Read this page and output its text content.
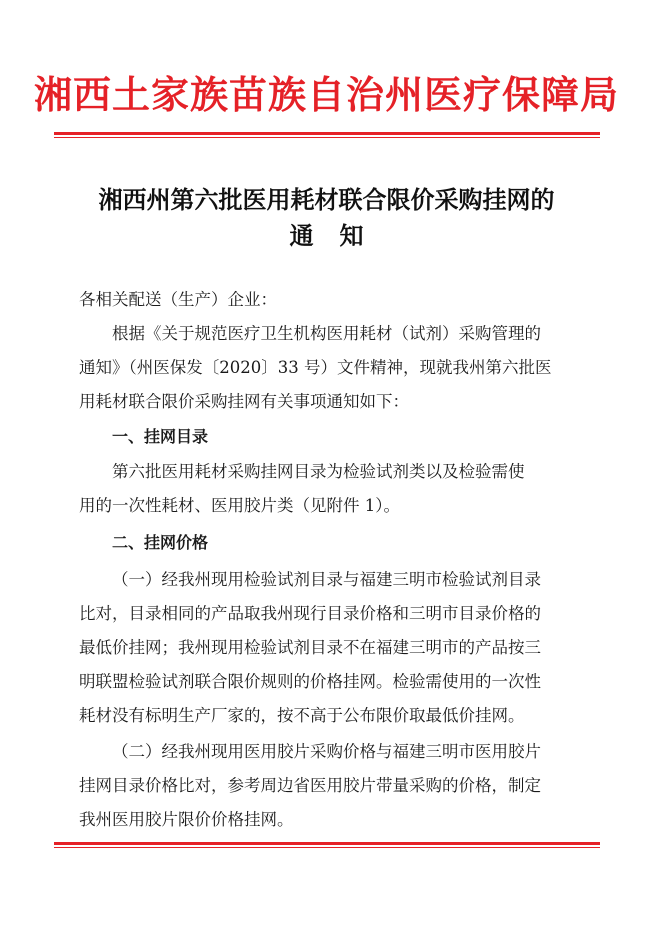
湘西土家族苗族自治州医疗保障局
湘西州第六批医用耗材联合限价采购挂网的
通知
各相关配送（生产）企业：
根据《关于规范医疗卫生机构医用耗材（试剂）采购管理的
通知》（州医保发〔2020〕33 号）文件精神，现就我州第六批医
用耗材联合限价采购挂网有关事项通知如下：
一、挂网目录
第六批医用耗材采购挂网目录为检验试剂类以及检验需使
用的一次性耗材、医用胶片类（见附件 1）。
二、挂网价格
（一）经我州现用检验试剂目录与福建三明市检验试剂目录
比对，目录相同的产品取我州现行目录价格和三明市目录价格的
最低价挂网；我州现用检验试剂目录不在福建三明市的产品按三
明联盟检验试剂联合限价规则的价格挂网。检验需使用的一次性
耗材没有标明生产厂家的，按不高于公布限价取最低价挂网。
（二）经我州现用医用胶片采购价格与福建三明市医用胶片
挂网目录价格比对，参考周边省医用胶片带量采购的价格，制定
我州医用胶片限价价格挂网。
